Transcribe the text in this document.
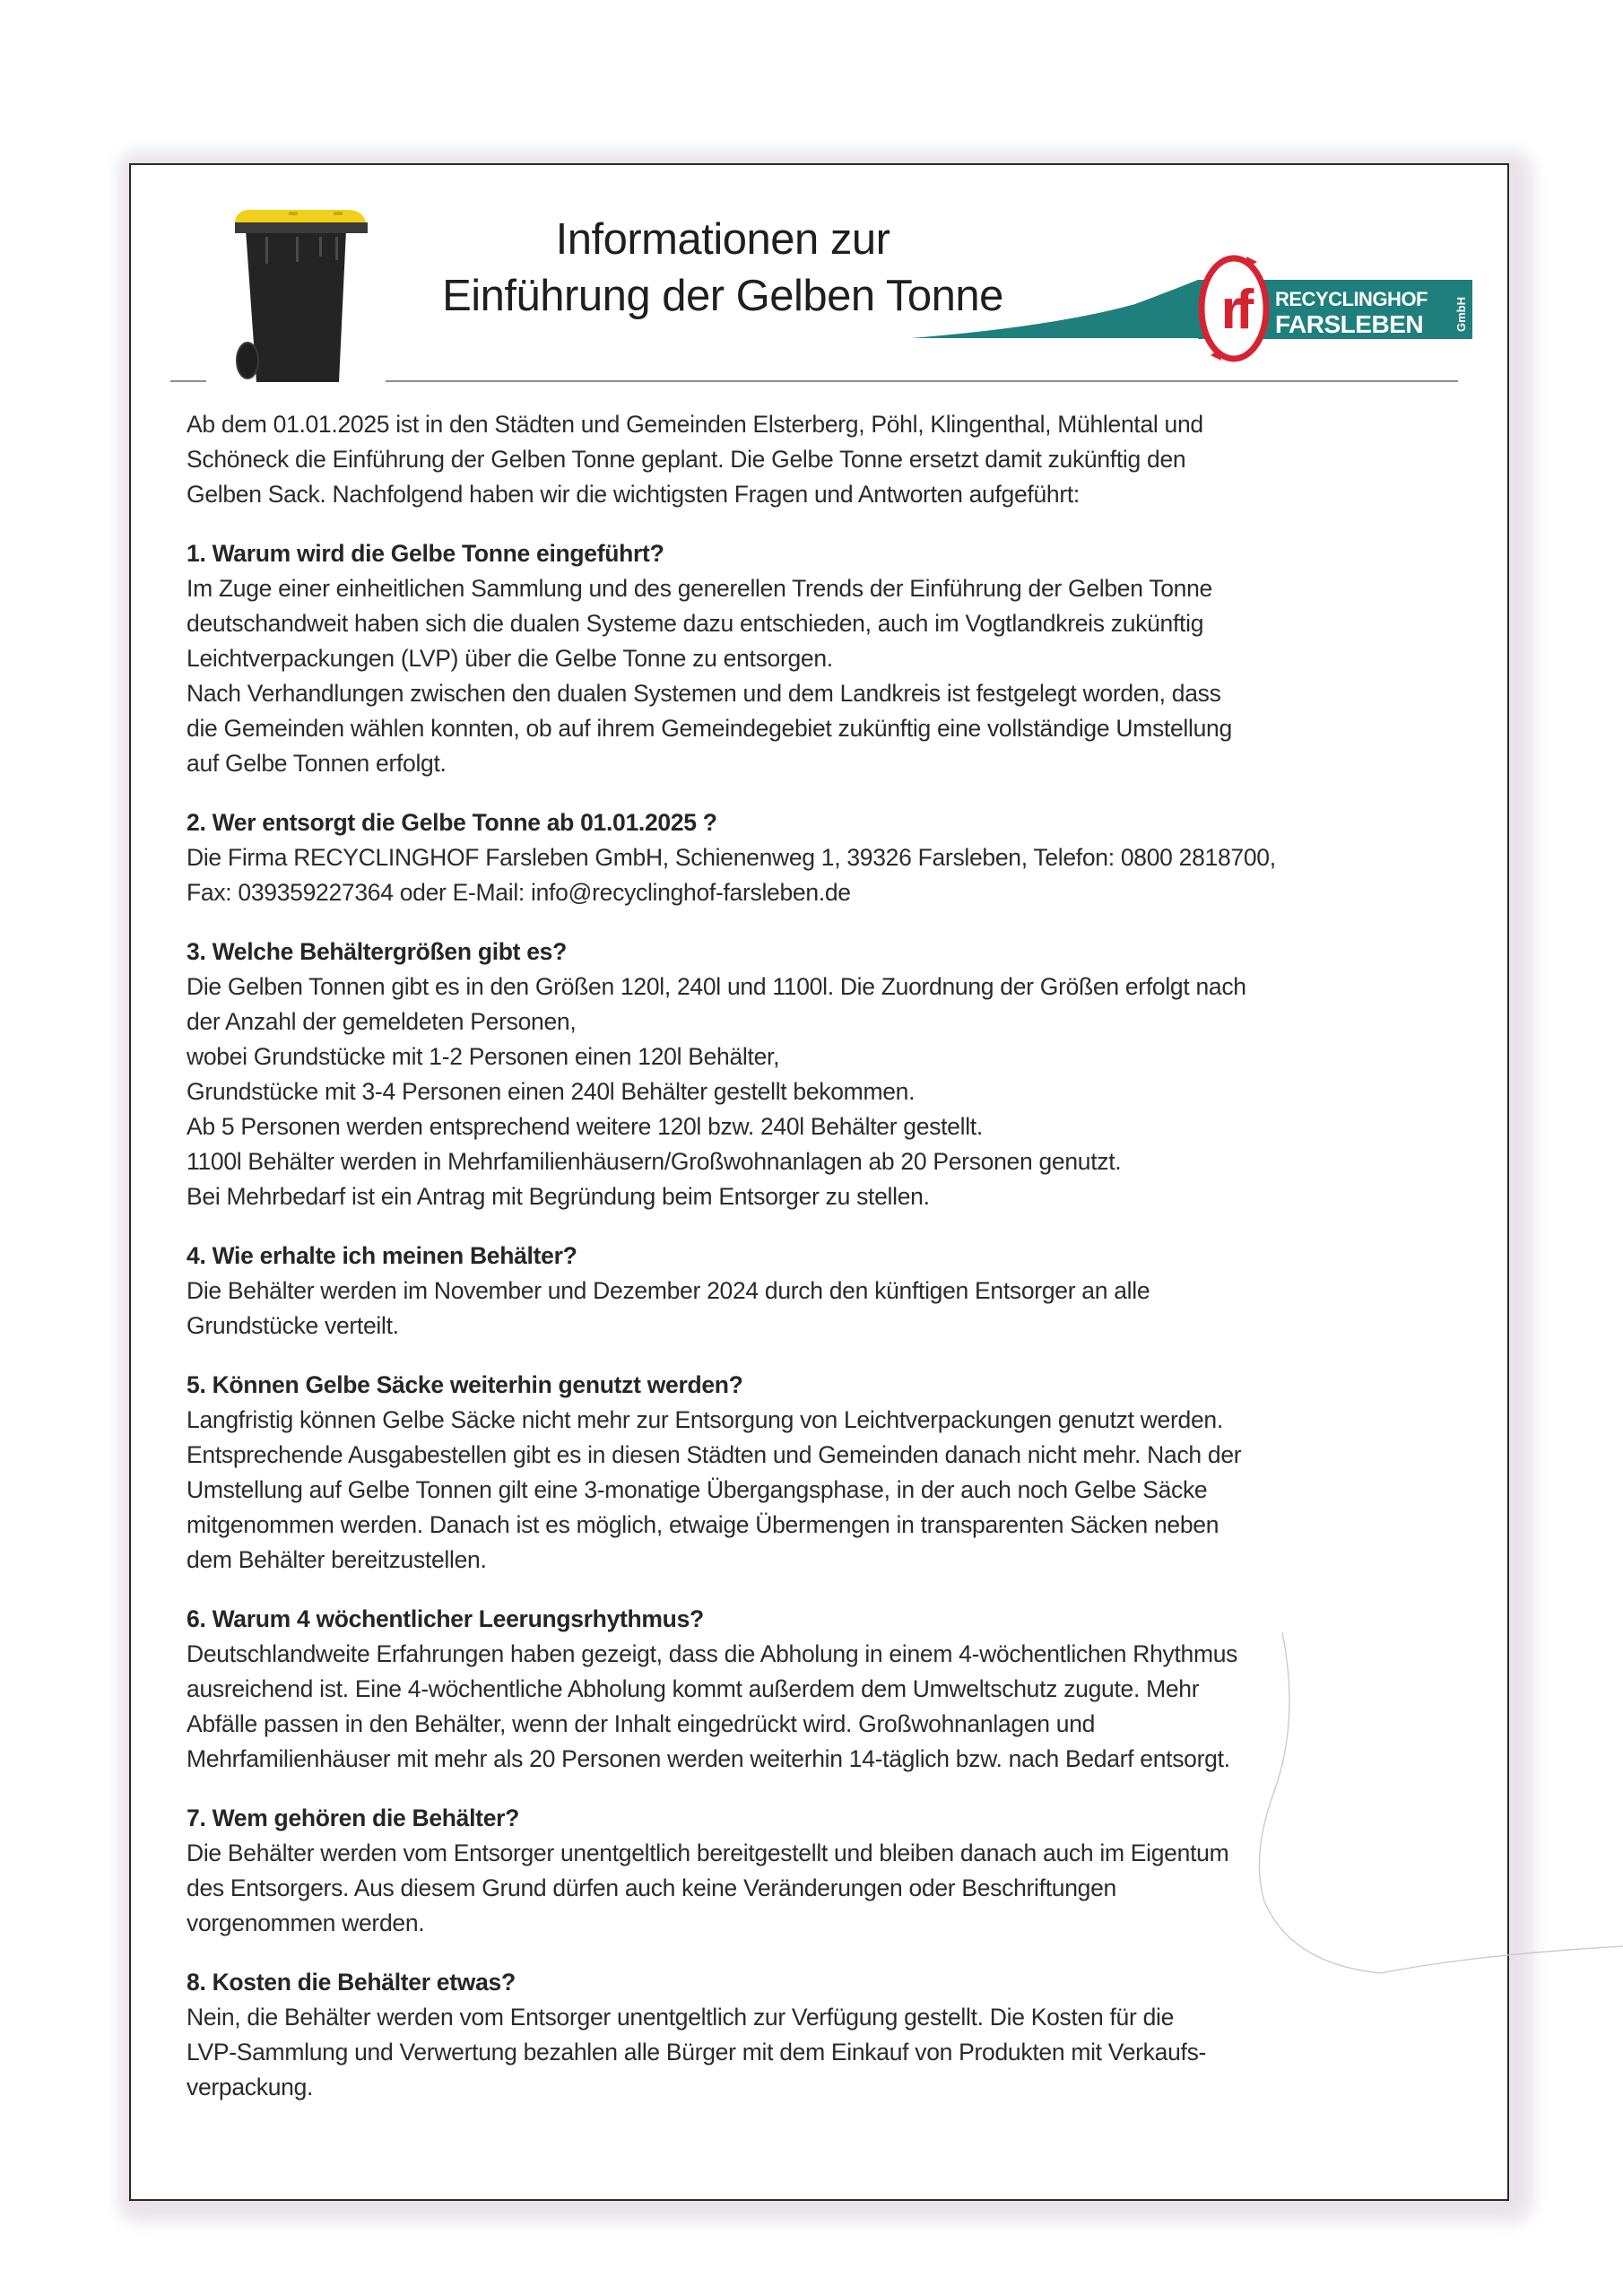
Informationen zur
Einführung der Gelben Tonne	rf	RECYCLINGHOF
FARSLEBEN	GmbH

Ab dem 01.01.2025 ist in den Städten und Gemeinden Elsterberg, Pöhl, Klingenthal, Mühlental und
Schöneck die Einführung der Gelben Tonne geplant. Die Gelbe Tonne ersetzt damit zukünftig den
Gelben Sack. Nachfolgend haben wir die wichtigsten Fragen und Antworten aufgeführt:

1. Warum wird die Gelbe Tonne eingeführt?

Im Zuge einer einheitlichen Sammlung und des generellen Trends der Einführung der Gelben Tonne
deutschandweit haben sich die dualen Systeme dazu entschieden, auch im Vogtlandkreis zukünftig
Leichtverpackungen (LVP) über die Gelbe Tonne zu entsorgen.
Nach Verhandlungen zwischen den dualen Systemen und dem Landkreis ist festgelegt worden, dass
die Gemeinden wählen konnten, ob auf ihrem Gemeindegebiet zukünftig eine vollständige Umstellung
auf Gelbe Tonnen erfolgt.

2. Wer entsorgt die Gelbe Tonne ab 01.01.2025 ?

Die Firma RECYCLINGHOF Farsleben GmbH, Schienenweg 1, 39326 Farsleben, Telefon: 0800 2818700,
Fax: 039359227364 oder E-Mail: info@recyclinghof-farsleben.de

3. Welche Behältergrößen gibt es?

Die Gelben Tonnen gibt es in den Größen 120l, 240l und 1100l. Die Zuordnung der Größen erfolgt nach
der Anzahl der gemeldeten Personen,
wobei Grundstücke mit 1-2 Personen einen 120l Behälter,
Grundstücke mit 3-4 Personen einen 240l Behälter gestellt bekommen.
Ab 5 Personen werden entsprechend weitere 120l bzw. 240l Behälter gestellt.
1100l Behälter werden in Mehrfamilienhäusern/Großwohnanlagen ab 20 Personen genutzt.
Bei Mehrbedarf ist ein Antrag mit Begründung beim Entsorger zu stellen.

4. Wie erhalte ich meinen Behälter?

Die Behälter werden im November und Dezember 2024 durch den künftigen Entsorger an alle
Grundstücke verteilt.

5. Können Gelbe Säcke weiterhin genutzt werden?

Langfristig können Gelbe Säcke nicht mehr zur Entsorgung von Leichtverpackungen genutzt werden.
Entsprechende Ausgabestellen gibt es in diesen Städten und Gemeinden danach nicht mehr. Nach der
Umstellung auf Gelbe Tonnen gilt eine 3-monatige Übergangsphase, in der auch noch Gelbe Säcke
mitgenommen werden. Danach ist es möglich, etwaige Übermengen in transparenten Säcken neben
dem Behälter bereitzustellen.

6. Warum 4 wöchentlicher Leerungsrhythmus?

Deutschlandweite Erfahrungen haben gezeigt, dass die Abholung in einem 4-wöchentlichen Rhythmus
ausreichend ist. Eine 4-wöchentliche Abholung kommt außerdem dem Umweltschutz zugute. Mehr
Abfälle passen in den Behälter, wenn der Inhalt eingedrückt wird. Großwohnanlagen und
Mehrfamilienhäuser mit mehr als 20 Personen werden weiterhin 14-täglich bzw. nach Bedarf entsorgt.

7. Wem gehören die Behälter?

Die Behälter werden vom Entsorger unentgeltlich bereitgestellt und bleiben danach auch im Eigentum
des Entsorgers. Aus diesem Grund dürfen auch keine Veränderungen oder Beschriftungen
vorgenommen werden.

8. Kosten die Behälter etwas?

Nein, die Behälter werden vom Entsorger unentgeltlich zur Verfügung gestellt. Die Kosten für die
LVP-Sammlung und Verwertung bezahlen alle Bürger mit dem Einkauf von Produkten mit Verkaufs-
verpackung.
